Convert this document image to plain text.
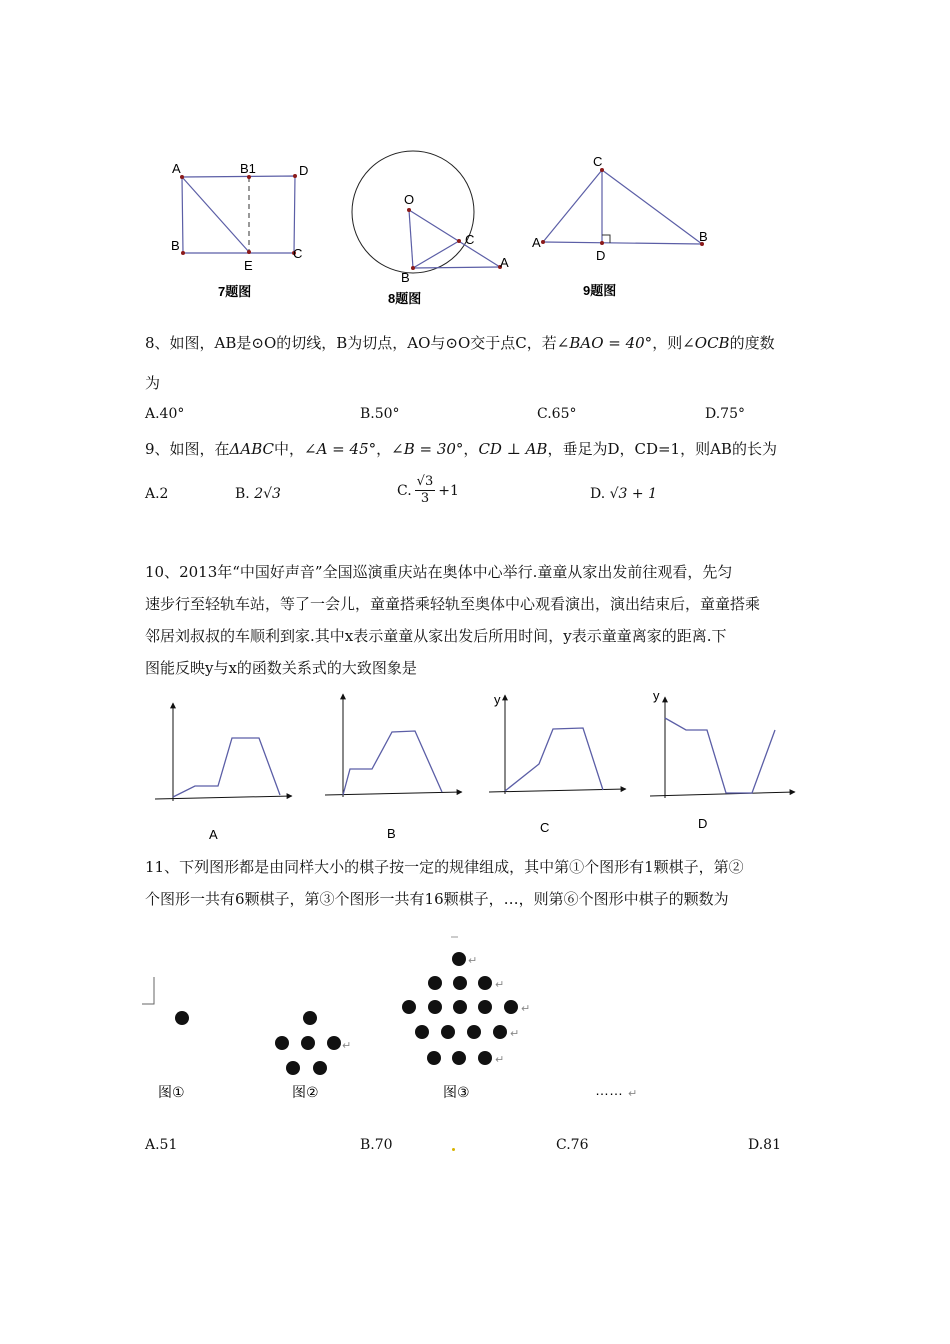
A	B1	D
B
E
C
7题图
O
C
B
A
8题图
C
A
D
B
9题图
8、如图，AB是⊙O的切线，B为切点，AO与⊙O交于点C，若∠BAO = 40°，则∠OCB的度数
为
A.40°	B.50°	C.65°	D.75°
9、如图，在ΔABC中，∠A = 45°，∠B = 30°，CD ⊥ AB，垂足为D，CD=1，则AB的长为
A.2	B. 2√3	C.
√3
3 +1	D. √3 + 1
10、2013年“中国好声音”全国巡演重庆站在奥体中心举行.童童从家出发前往观看，先匀
速步行至轻轨车站，等了一会儿，童童搭乘轻轨至奥体中心观看演出，演出结束后，童童搭乘
邻居刘叔叔的车顺利到家.其中x表示童童从家出发后所用时间，y表示童童离家的距离.下
图能反映y与x的函数关系式的大致图象是
A	B
y
C
y
D
11、下列图形都是由同样大小的棋子按一定的规律组成，其中第①个图形有1颗棋子，第②
个图形一共有6颗棋子，第③个图形一共有16颗棋子，…，则第⑥个图形中棋子的颗数为
↵
↵
↵
↵
↵
↵
图①	图②	图③	…… ↵
A.51	B.70	C.76	D.81
